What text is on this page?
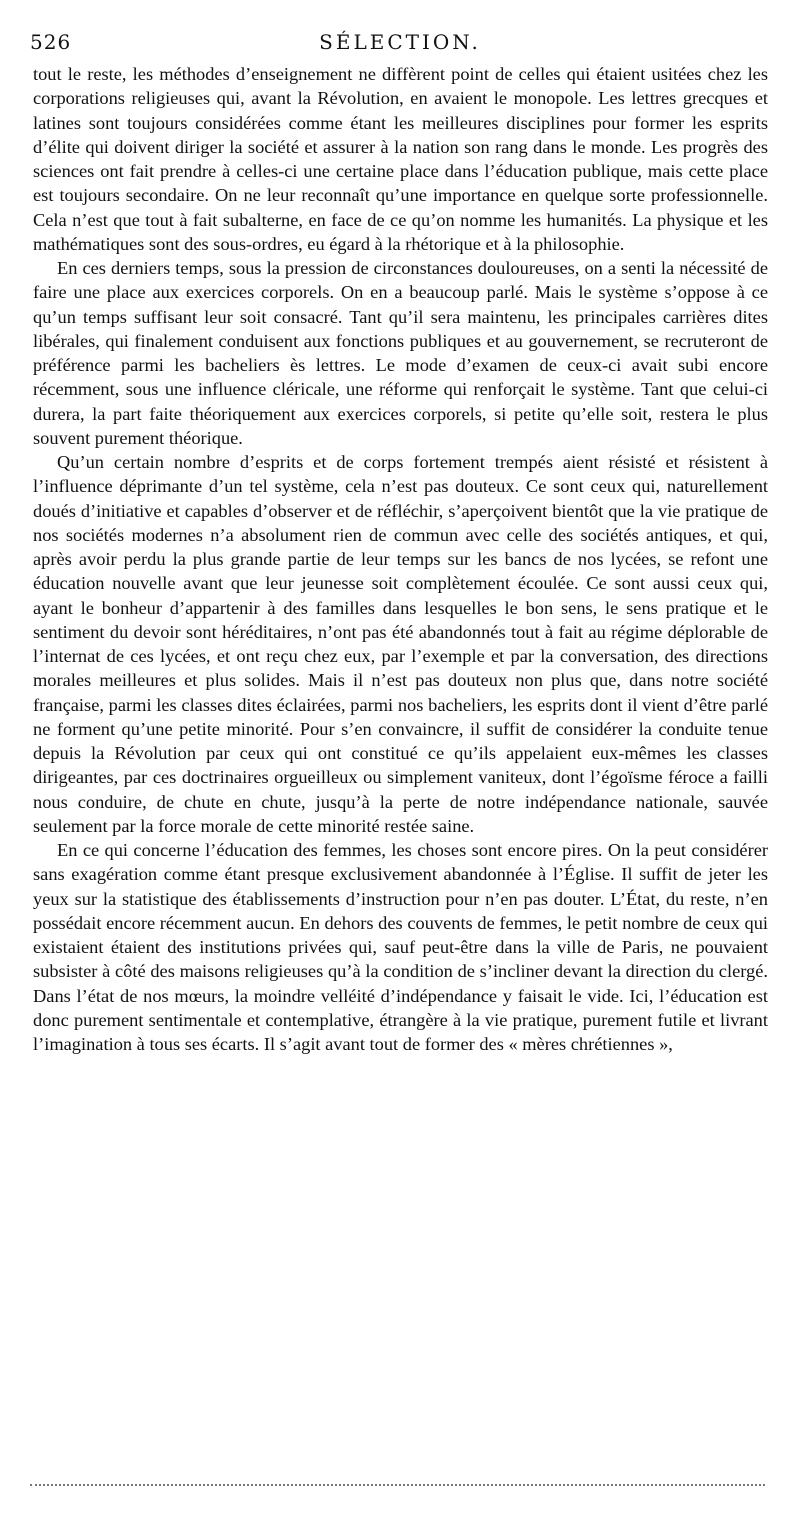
526	SÉLECTION.

tout le reste, les méthodes d’enseignement ne diffèrent point de celles qui étaient usitées chez les corporations religieuses qui, avant la Révolution, en avaient le monopole. Les lettres grecques et latines sont toujours considérées comme étant les meilleures disciplines pour former les esprits d’élite qui doivent diriger la société et assurer à la nation son rang dans le monde. Les progrès des sciences ont fait prendre à celles-ci une certaine place dans l’éducation publique, mais cette place est toujours secondaire. On ne leur reconnaît qu’une importance en quelque sorte professionnelle. Cela n’est que tout à fait subalterne, en face de ce qu’on nomme les humanités. La physique et les mathématiques sont des sous-ordres, eu égard à la rhétorique et à la philosophie.

En ces derniers temps, sous la pression de circonstances douloureuses, on a senti la nécessité de faire une place aux exercices corporels. On en a beaucoup parlé. Mais le système s’oppose à ce qu’un temps suffisant leur soit consacré. Tant qu’il sera maintenu, les principales carrières dites libérales, qui finalement conduisent aux fonctions publiques et au gouvernement, se recruteront de préférence parmi les bacheliers ès lettres. Le mode d’examen de ceux-ci avait subi encore récemment, sous une influence cléricale, une réforme qui renforçait le système. Tant que celui-ci durera, la part faite théoriquement aux exercices corporels, si petite qu’elle soit, restera le plus souvent purement théorique.

Qu’un certain nombre d’esprits et de corps fortement trempés aient résisté et résistent à l’influence déprimante d’un tel système, cela n’est pas douteux. Ce sont ceux qui, naturellement doués d’initiative et capables d’observer et de réfléchir, s’aperçoivent bientôt que la vie pratique de nos sociétés modernes n’a absolument rien de commun avec celle des sociétés antiques, et qui, après avoir perdu la plus grande partie de leur temps sur les bancs de nos lycées, se refont une éducation nouvelle avant que leur jeunesse soit complètement écoulée. Ce sont aussi ceux qui, ayant le bonheur d’appartenir à des familles dans lesquelles le bon sens, le sens pratique et le sentiment du devoir sont héréditaires, n’ont pas été abandonnés tout à fait au régime déplorable de l’internat de ces lycées, et ont reçu chez eux, par l’exemple et par la conversation, des directions morales meilleures et plus solides. Mais il n’est pas douteux non plus que, dans notre société française, parmi les classes dites éclairées, parmi nos bacheliers, les esprits dont il vient d’être parlé ne forment qu’une petite minorité. Pour s’en convaincre, il suffit de considérer la conduite tenue depuis la Révolution par ceux qui ont constitué ce qu’ils appelaient eux-mêmes les classes dirigeantes, par ces doctrinaires orgueilleux ou simplement vaniteux, dont l’égoïsme féroce a failli nous conduire, de chute en chute, jusqu’à la perte de notre indépendance nationale, sauvée seulement par la force morale de cette minorité restée saine.

En ce qui concerne l’éducation des femmes, les choses sont encore pires. On la peut considérer sans exagération comme étant presque exclusivement abandonnée à l’Église. Il suffit de jeter les yeux sur la statistique des établissements d’instruction pour n’en pas douter. L’État, du reste, n’en possédait encore récemment aucun. En dehors des couvents de femmes, le petit nombre de ceux qui existaient étaient des institutions privées qui, sauf peut-être dans la ville de Paris, ne pouvaient subsister à côté des maisons religieuses qu’à la condition de s’incliner devant la direction du clergé. Dans l’état de nos mœurs, la moindre velléité d’indépendance y faisait le vide. Ici, l’éducation est donc purement sentimentale et contemplative, étrangère à la vie pratique, purement futile et livrant l’imagination à tous ses écarts. Il s’agit avant tout de former des « mères chrétiennes »,
